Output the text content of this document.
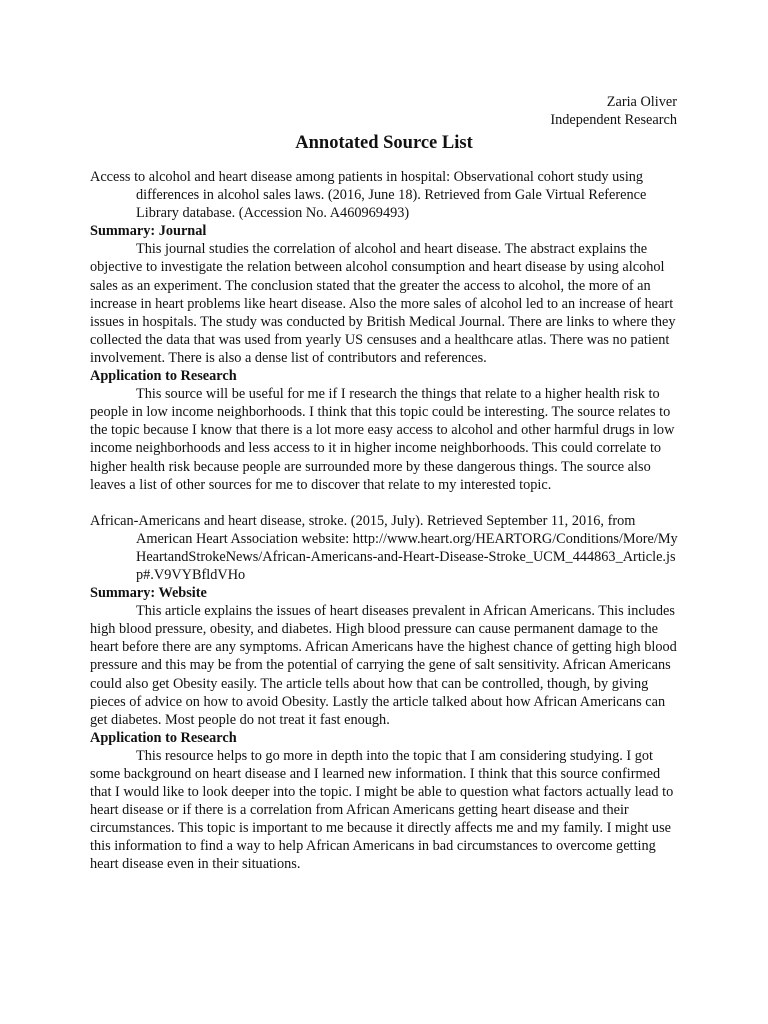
Zaria Oliver
Independent Research
Annotated Source List

Access to alcohol and heart disease among patients in hospital: Observational cohort study using differences in alcohol sales laws. (2016, June 18). Retrieved from Gale Virtual Reference Library database. (Accession No. A460969493)

Summary: Journal

This journal studies the correlation of alcohol and heart disease. The abstract explains the objective to investigate the relation between alcohol consumption and heart disease by using alcohol sales as an experiment. The conclusion stated that the greater the access to alcohol, the more of an increase in heart problems like heart disease. Also the more sales of alcohol led to an increase of heart issues in hospitals. The study was conducted by British Medical Journal. There are links to where they collected the data that was used from yearly US censuses and a healthcare atlas. There was no patient involvement. There is also a dense list of contributors and references.

Application to Research

This source will be useful for me if I research the things that relate to a higher health risk to people in low income neighborhoods. I think that this topic could be interesting. The source relates to the topic because I know that there is a lot more easy access to alcohol and other harmful drugs in low income neighborhoods and less access to it in higher income neighborhoods. This could correlate to higher health risk because people are surrounded more by these dangerous things. The source also leaves a list of other sources for me to discover that relate to my interested topic.

African-Americans and heart disease, stroke. (2015, July). Retrieved September 11, 2016, from American Heart Association website: http://www.heart.org/HEARTORG/Conditions/More/MyHeartandStrokeNews/African-Americans-and-Heart-Disease-Stroke_UCM_444863_Article.jsp#.V9VYBfldVHo

Summary: Website

This article explains the issues of heart diseases prevalent in African Americans. This includes high blood pressure, obesity, and diabetes. High blood pressure can cause permanent damage to the heart before there are any symptoms. African Americans have the highest chance of getting high blood pressure and this may be from the potential of carrying the gene of salt sensitivity. African Americans could also get Obesity easily. The article tells about how that can be controlled, though, by giving pieces of advice on how to avoid Obesity. Lastly the article talked about how African Americans can get diabetes. Most people do not treat it fast enough.

Application to Research

This resource helps to go more in depth into the topic that I am considering studying. I got some background on heart disease and I learned new information. I think that this source confirmed that I would like to look deeper into the topic. I might be able to question what factors actually lead to heart disease or if there is a correlation from African Americans getting heart disease and their circumstances. This topic is important to me because it directly affects me and my family. I might use this information to find a way to help African Americans in bad circumstances to overcome getting heart disease even in their situations.
